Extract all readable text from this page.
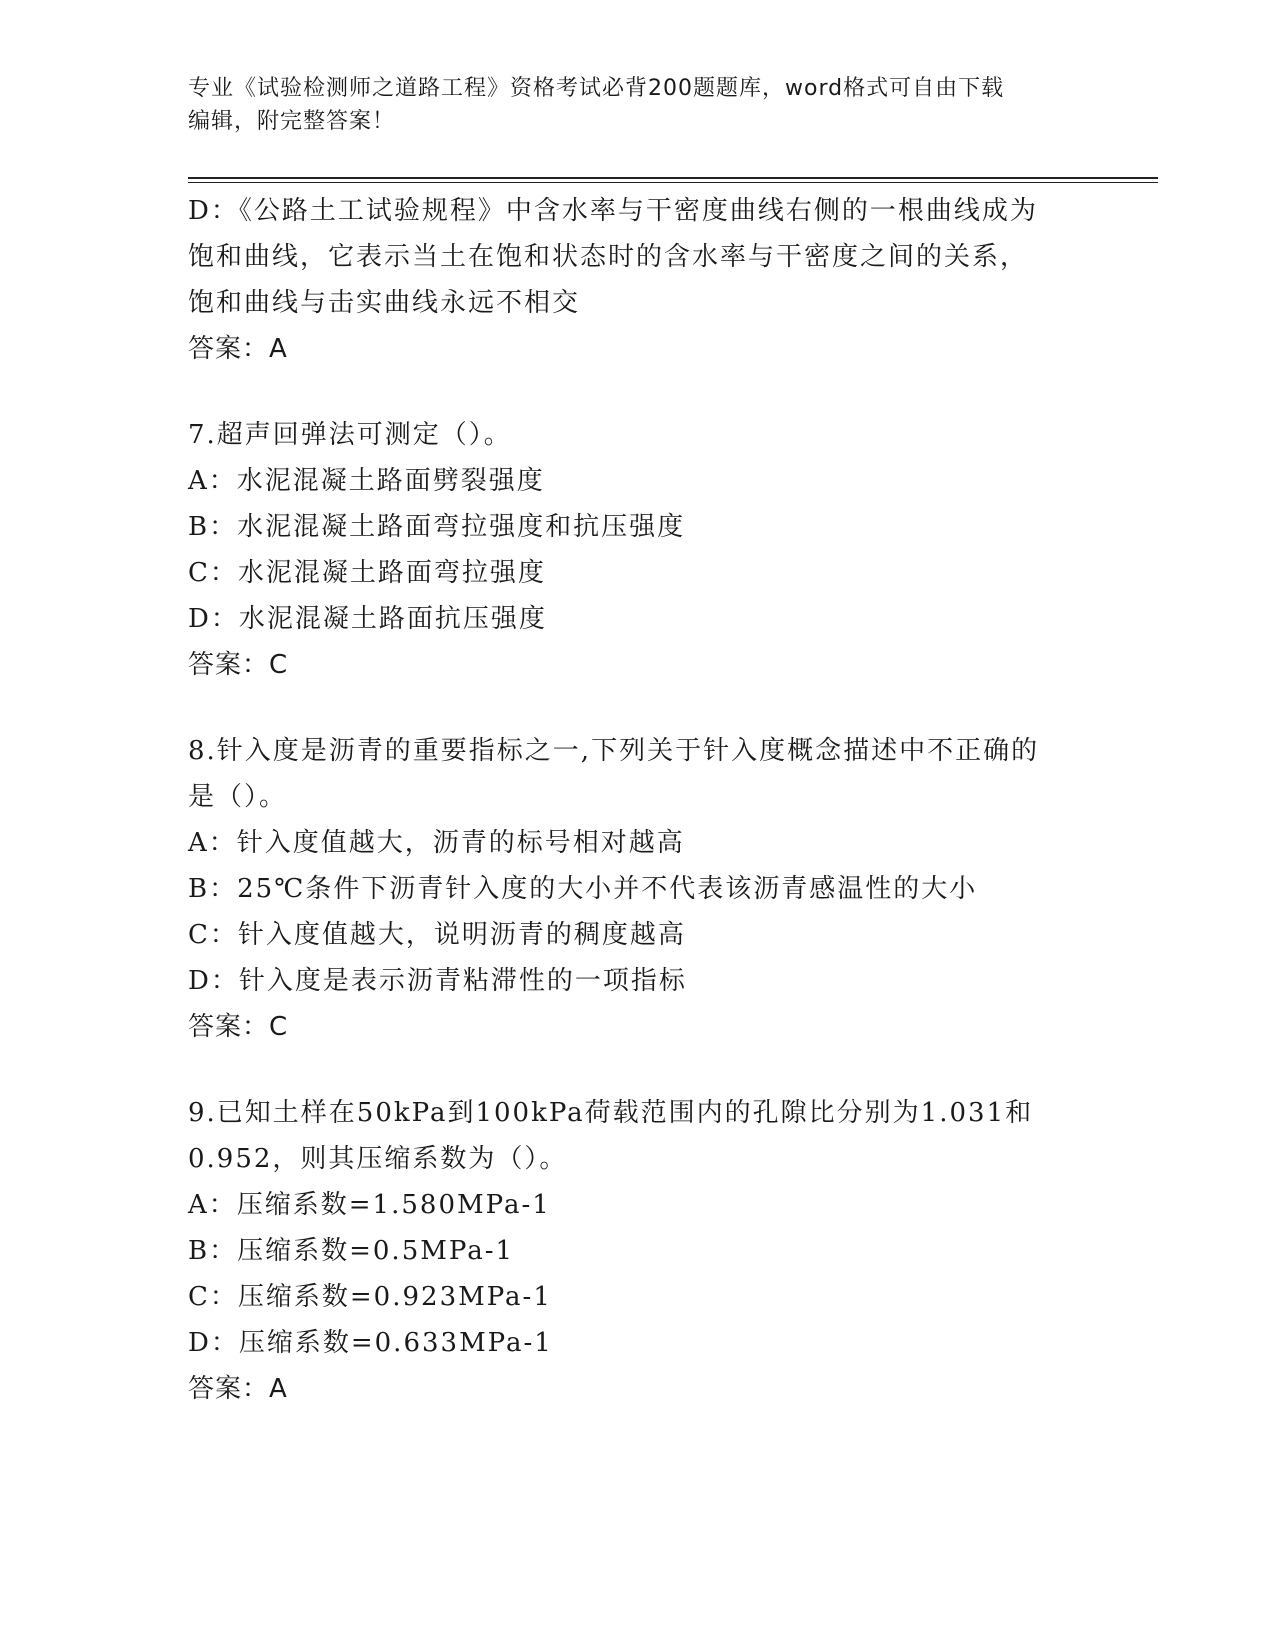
专业《试验检测师之道路工程》资格考试必背200题题库，word格式可自由下载
编辑，附完整答案！
D：《公路土工试验规程》中含水率与干密度曲线右侧的一根曲线成为
饱和曲线，它表示当土在饱和状态时的含水率与干密度之间的关系，
饱和曲线与击实曲线永远不相交
答案：A
7.超声回弹法可测定（）。
A：水泥混凝土路面劈裂强度
B：水泥混凝土路面弯拉强度和抗压强度
C：水泥混凝土路面弯拉强度
D：水泥混凝土路面抗压强度
答案：C
8.针入度是沥青的重要指标之一,下列关于针入度概念描述中不正确的
是（）。
A：针入度值越大，沥青的标号相对越高
B：25℃条件下沥青针入度的大小并不代表该沥青感温性的大小
C：针入度值越大，说明沥青的稠度越高
D：针入度是表示沥青粘滞性的一项指标
答案：C
9.已知土样在50kPa到100kPa荷载范围内的孔隙比分别为1.031和
0.952，则其压缩系数为（）。
A：压缩系数=1.580MPa-1
B：压缩系数=0.5MPa-1
C：压缩系数=0.923MPa-1
D：压缩系数=0.633MPa-1
答案：A
